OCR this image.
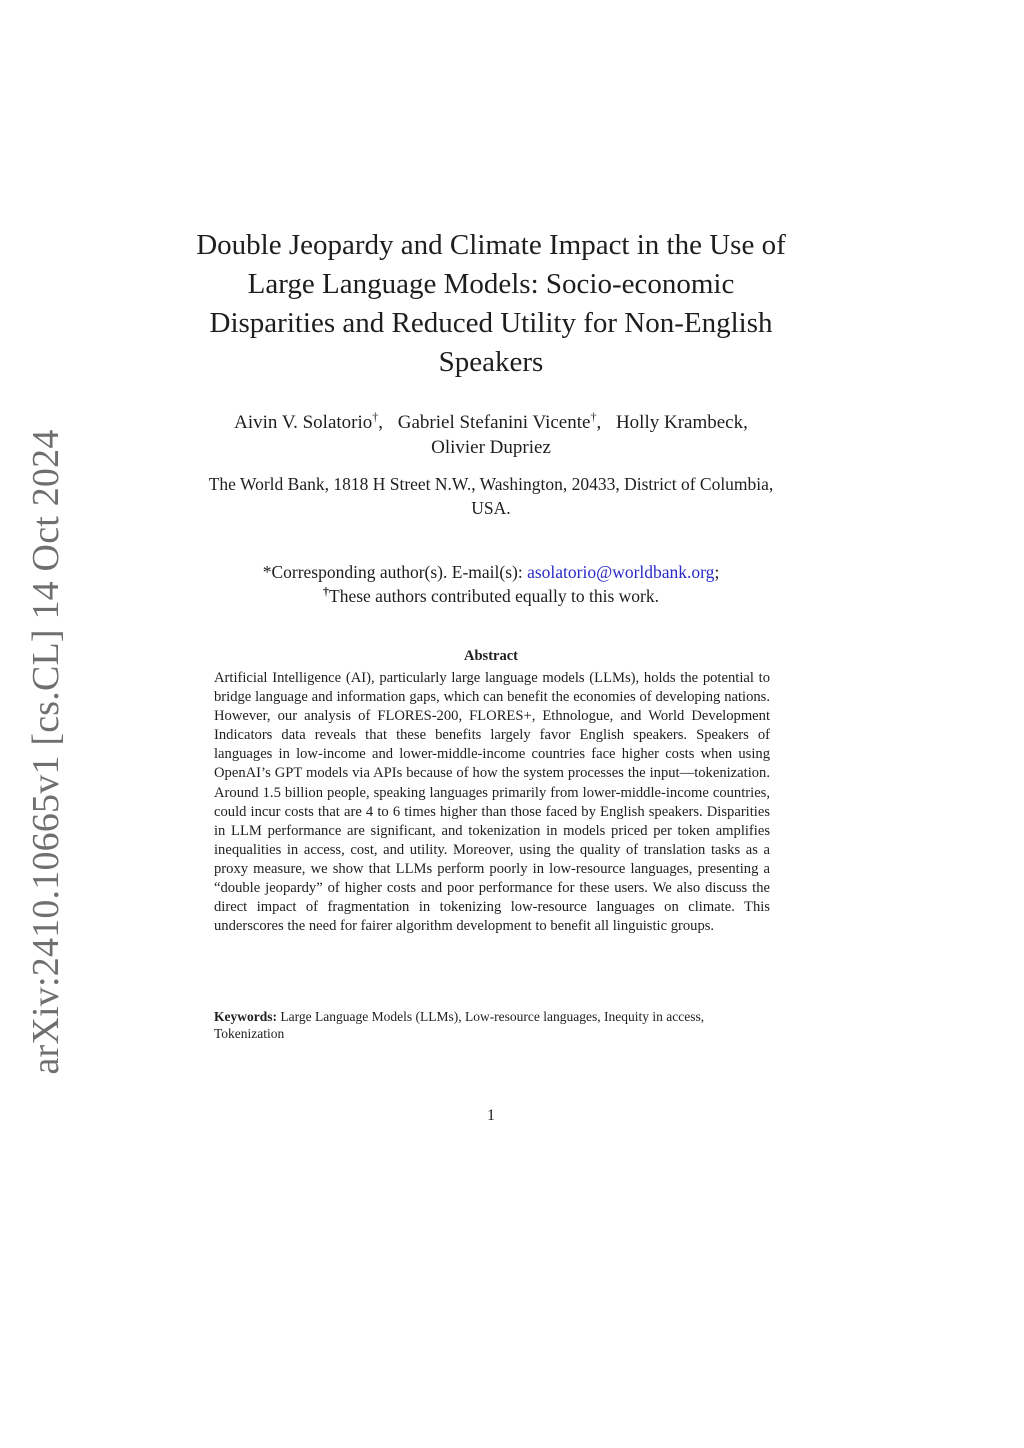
arXiv:2410.10665v1 [cs.CL] 14 Oct 2024
Double Jeopardy and Climate Impact in the Use of Large Language Models: Socio-economic Disparities and Reduced Utility for Non-English Speakers
Aivin V. Solatorio†, Gabriel Stefanini Vicente†, Holly Krambeck,
Olivier Dupriez
The World Bank, 1818 H Street N.W., Washington, 20433, District of Columbia, USA.
*Corresponding author(s). E-mail(s): asolatorio@worldbank.org;
†These authors contributed equally to this work.
Abstract

Artificial Intelligence (AI), particularly large language models (LLMs), holds the potential to bridge language and information gaps, which can benefit the economies of developing nations. However, our analysis of FLORES-200, FLORES+, Ethnologue, and World Development Indicators data reveals that these benefits largely favor English speakers. Speakers of languages in low-income and lower-middle-income countries face higher costs when using OpenAI’s GPT models via APIs because of how the system processes the input—tokenization. Around 1.5 billion people, speaking languages primarily from lower-middle-income countries, could incur costs that are 4 to 6 times higher than those faced by English speakers. Disparities in LLM performance are significant, and tokenization in models priced per token amplifies inequalities in access, cost, and utility. Moreover, using the quality of translation tasks as a proxy measure, we show that LLMs perform poorly in low-resource languages, presenting a “double jeopardy” of higher costs and poor performance for these users. We also discuss the direct impact of fragmentation in tokenizing low-resource languages on climate. This underscores the need for fairer algorithm development to benefit all linguistic groups.

Keywords: Large Language Models (LLMs), Low-resource languages, Inequity in access, Tokenization
1
